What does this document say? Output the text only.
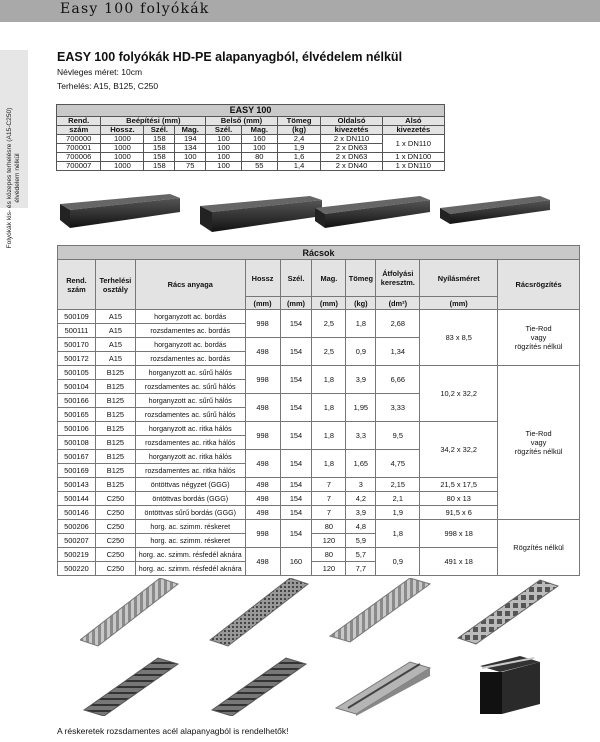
Easy 100 folyókák
Folyókák kis- és közepes terhelésre (A15-C250) élvédelem nélkül
EASY 100 folyókák HD-PE alapanyagból, élvédelem nélkül
Névleges méret: 10cm
Terhelés: A15, B125, C250
EASY 100								
Rend.	Beépítési (mm)			Belső (mm)		Tömeg	Oldalsó	Alsó
szám	Hossz.	Szél.	Mag.	Szél.	Mag.	(kg)	kivezetés	kivezetés
700000	1000	158	194	100	160	2,4	2 x DN110	1 x DN110
700001	1000	158	134	100	100	1,9	2 x DN63	
700006	1000	158	100	100	80	1,6	2 x DN63	1 x DN100
700007	1000	158	75	100	55	1,4	2 x DN40	1 x DN110
Rácsok									
Rend. szám	Terhelési osztály	Rács anyaga	Hossz	Szél.	Mag.	Tömeg	Átfolyási keresztm.	Nyílásméret	Rácsrögzítés
			(mm)	(mm)	(mm)	(kg)	(dm²)	(mm)	
500109	A15	horganyzott ac. bordás	998	154	2,5	1,8	2,68	83 x 8,5	Tie-Rod
vagy
rögzítés nélkül

500111	A15	rozsdamentes ac. bordás							
500170	A15	horganyzott ac. bordás	498	154	2,5	0,9	1,34		
500172	A15	rozsdamentes ac. bordás							
500105	B125	horganyzott ac. sűrű hálós	998	154	1,8	3,9	6,66	10,2 x 32,2	Tie-Rod
vagy
rögzítés nélkül

500104	B125	rozsdamentes ac. sűrű hálós							
500166	B125	horganyzott ac. sűrű hálós	498	154	1,8	1,95	3,33		
500165	B125	rozsdamentes ac. sűrű hálós							
500106	B125	horganyzott ac. ritka hálós	998	154	1,8	3,3	9,5	34,2 x 32,2	
500108	B125	rozsdamentes ac. ritka hálós							
500167	B125	horganyzott ac. ritka hálós	498	154	1,8	1,65	4,75		
500169	B125	rozsdamentes ac. ritka hálós							
500143	B125	öntöttvas négyzet (GGG)	498	154	7	3	2,15	21,5 x 17,5	
500144	C250	öntöttvas bordás (GGG)	498	154	7	4,2	2,1	80 x 13	
500146	C250	öntöttvas sűrű bordás (GGG)	498	154	7	3,9	1,9	91,5 x 6	
500206	C250	horg. ac. szimm. réskeret	998	154	80	4,8	1,8	998 x 18	Rögzítés nélkül
500207	C250	horg. ac. szimm. réskeret			120	5,9			
500219	C250	horg. ac. szimm. résfedél aknára	498	160	80	5,7	0,9	491 x 18	
500220	C250	horg. ac. szimm. résfedél aknára			120	7,7			
A réskeretek rozsdamentes acél alapanyagból is rendelhetők!
